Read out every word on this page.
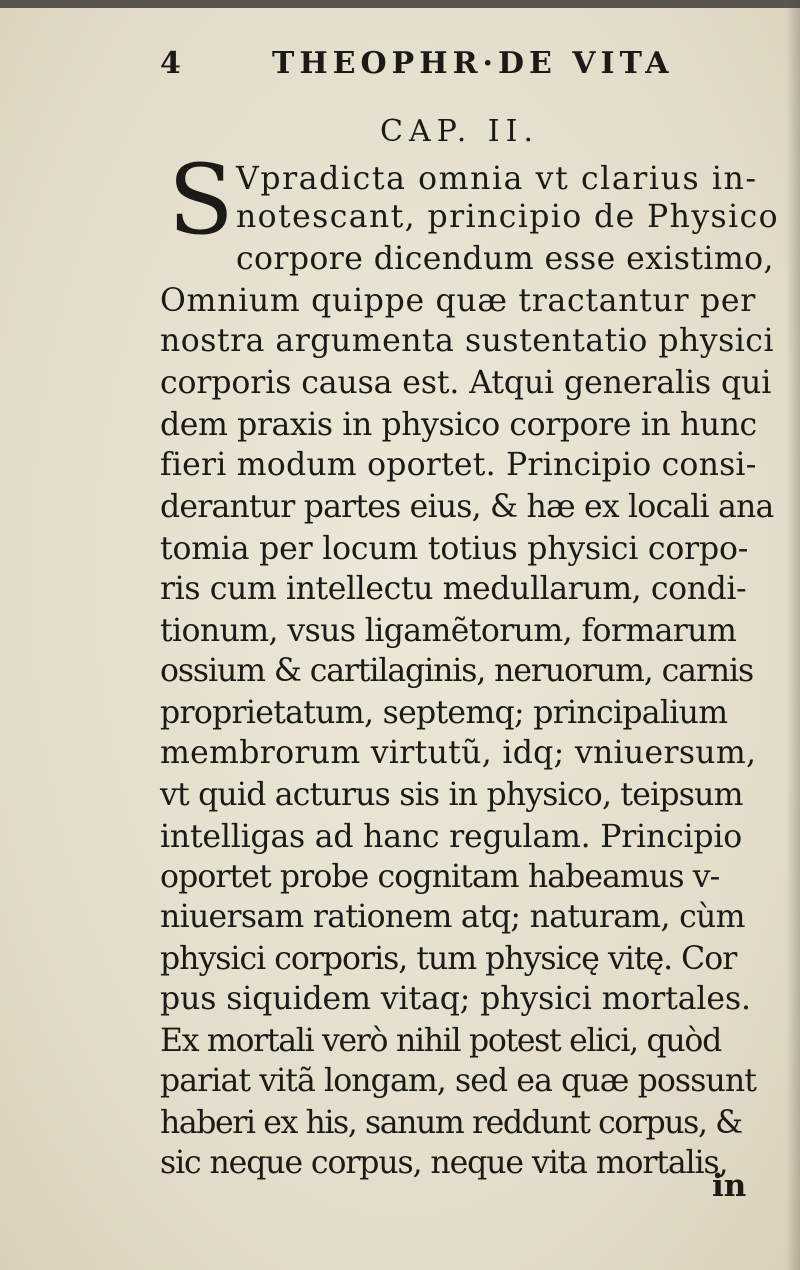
4	THEOPHR·DE VITA
CAP. II.
S Vpradicta omnia vt clarius in-
notescant, principio de Physico
corpore dicendum esse existimo,
Omnium quippe quæ tractantur per
nostra argumenta sustentatio physici
corporis causa est. Atqui generalis qui
dem praxis in physico corpore in hunc
fieri modum oportet. Principio consi-
derantur partes eius, & hæ ex locali ana
tomia per locum totius physici corpo-
ris cum intellectu medullarum, condi-
tionum, vsus ligamẽtorum, formarum
ossium & cartilaginis, neruorum, carnis
proprietatum, septemq; principalium
membrorum virtutũ, idq; vniuersum,
vt quid acturus sis in physico, teipsum
intelligas ad hanc regulam. Principio
oportet probe cognitam habeamus v-
niuersam rationem atq; naturam, cùm
physici corporis, tum physicę vitę. Cor
pus siquidem vitaq; physici mortales.
Ex mortali verò nihil potest elici, quòd
pariat vitã longam, sed ea quæ possunt
haberi ex his, sanum reddunt corpus, &
sic neque corpus, neque vita mortalis,
in
